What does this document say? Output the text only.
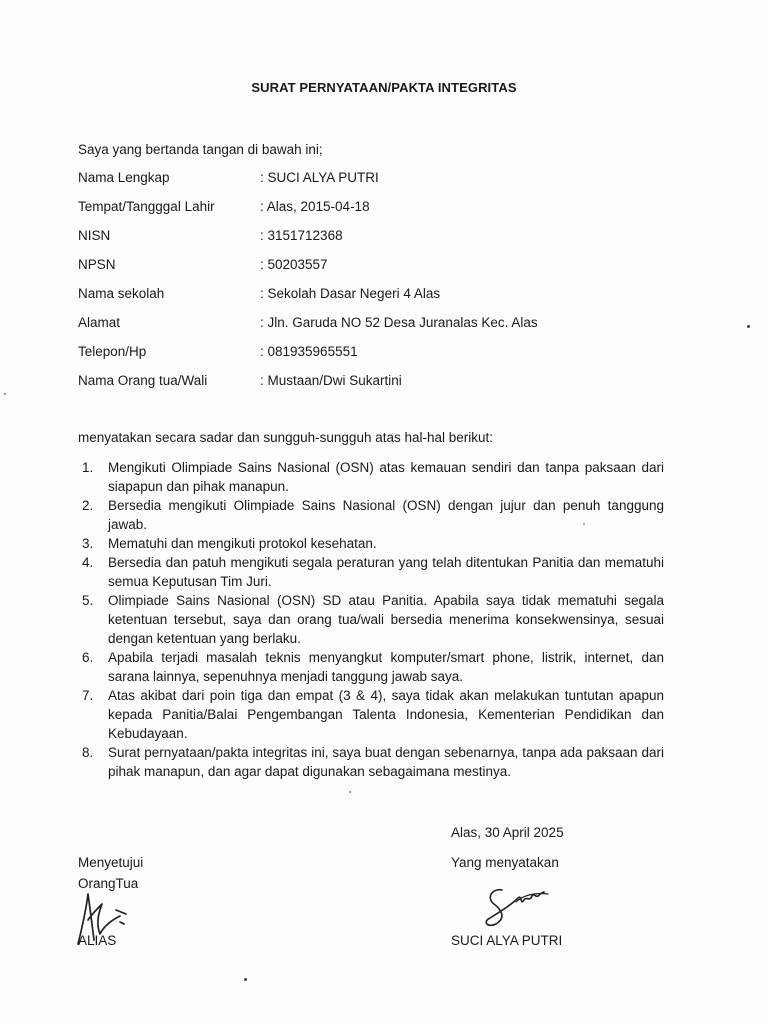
SURAT PERNYATAAN/PAKTA INTEGRITAS
Saya yang bertanda tangan di bawah ini;
Nama Lengkap	: SUCI ALYA PUTRI
Tempat/Tangggal Lahir	: Alas, 2015-04-18
NISN	: 3151712368
NPSN	: 50203557
Nama sekolah	: Sekolah Dasar Negeri 4 Alas
Alamat	: Jln. Garuda NO 52 Desa Juranalas Kec. Alas
Telepon/Hp	: 081935965551
Nama Orang tua/Wali	: Mustaan/Dwi Sukartini
menyatakan secara sadar dan sungguh-sungguh atas hal-hal berikut:
1. Mengikuti Olimpiade Sains Nasional (OSN) atas kemauan sendiri dan tanpa paksaan dari siapapun dan pihak manapun.
2. Bersedia mengikuti Olimpiade Sains Nasional (OSN) dengan jujur dan penuh tanggung jawab.
3. Mematuhi dan mengikuti protokol kesehatan.
4. Bersedia dan patuh mengikuti segala peraturan yang telah ditentukan Panitia dan mematuhi semua Keputusan Tim Juri.
5. Olimpiade Sains Nasional (OSN) SD atau Panitia. Apabila saya tidak mematuhi segala ketentuan tersebut, saya dan orang tua/wali bersedia menerima konsekwensinya, sesuai dengan ketentuan yang berlaku.
6. Apabila terjadi masalah teknis menyangkut komputer/smart phone, listrik, internet, dan sarana lainnya, sepenuhnya menjadi tanggung jawab saya.
7. Atas akibat dari poin tiga dan empat (3 & 4), saya tidak akan melakukan tuntutan apapun kepada Panitia/Balai Pengembangan Talenta Indonesia, Kementerian Pendidikan dan Kebudayaan.
8. Surat pernyataan/pakta integritas ini, saya buat dengan sebenarnya, tanpa ada paksaan dari pihak manapun, dan agar dapat digunakan sebagaimana mestinya.
Alas, 30 April 2025
Yang menyatakan
SUCI ALYA PUTRI
Menyetujui
OrangTua
ALIAS
